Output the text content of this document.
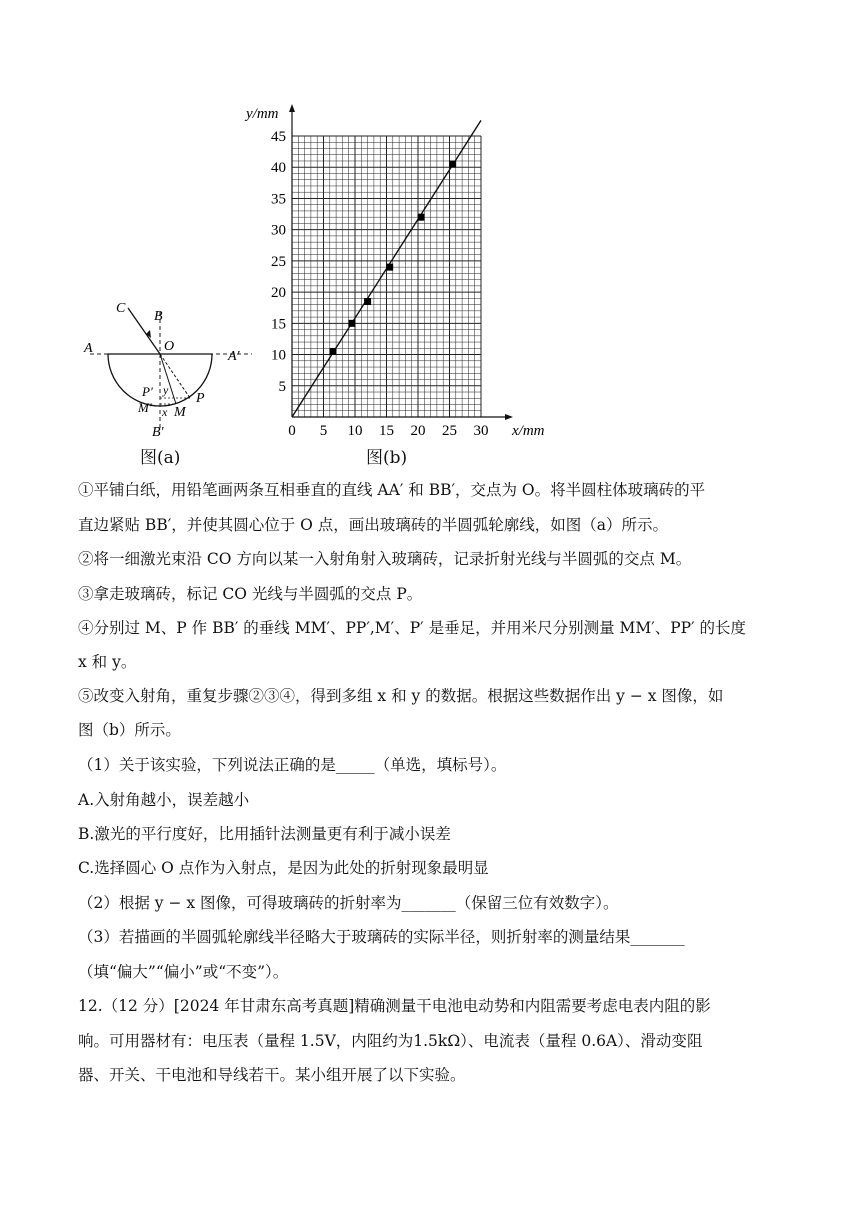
C
B
O
A
A′
P′ y
M′ x M
P
B′
图(a)
0 5 10 15 20 25 30
5
10
15
20
25
30
35
40
45
x/mm
y/mm
图(b)
①平铺白纸，用铅笔画两条互相垂直的直线 AA′ 和 BB′，交点为 O。将半圆柱体玻璃砖的平
直边紧贴 BB′，并使其圆心位于 O 点，画出玻璃砖的半圆弧轮廓线，如图（a）所示。
②将一细激光束沿 CO 方向以某一入射角射入玻璃砖，记录折射光线与半圆弧的交点 M。
③拿走玻璃砖，标记 CO 光线与半圆弧的交点 P。
④分别过 M、P 作 BB′ 的垂线 MM′、PP′,M′、P′ 是垂足，并用米尺分别测量 MM′、PP′ 的长度
x 和 y。
⑤改变入射角，重复步骤②③④，得到多组 x 和 y 的数据。根据这些数据作出 y − x 图像，如
图（b）所示。
（1）关于该实验，下列说法正确的是_____（单选，填标号）。
A.入射角越小，误差越小
B.激光的平行度好，比用插针法测量更有利于减小误差
C.选择圆心 O 点作为入射点，是因为此处的折射现象最明显
（2）根据 y − x 图像，可得玻璃砖的折射率为_______（保留三位有效数字）。
（3）若描画的半圆弧轮廓线半径略大于玻璃砖的实际半径，则折射率的测量结果_______
（填“偏大”“偏小”或“不变”）。
12.（12 分）[2024 年甘肃东高考真题]精确测量干电池电动势和内阻需要考虑电表内阻的影
响。可用器材有：电压表（量程 1.5V，内阻约为1.5kΩ）、电流表（量程 0.6A）、滑动变阻
器、开关、干电池和导线若干。某小组开展了以下实验。
